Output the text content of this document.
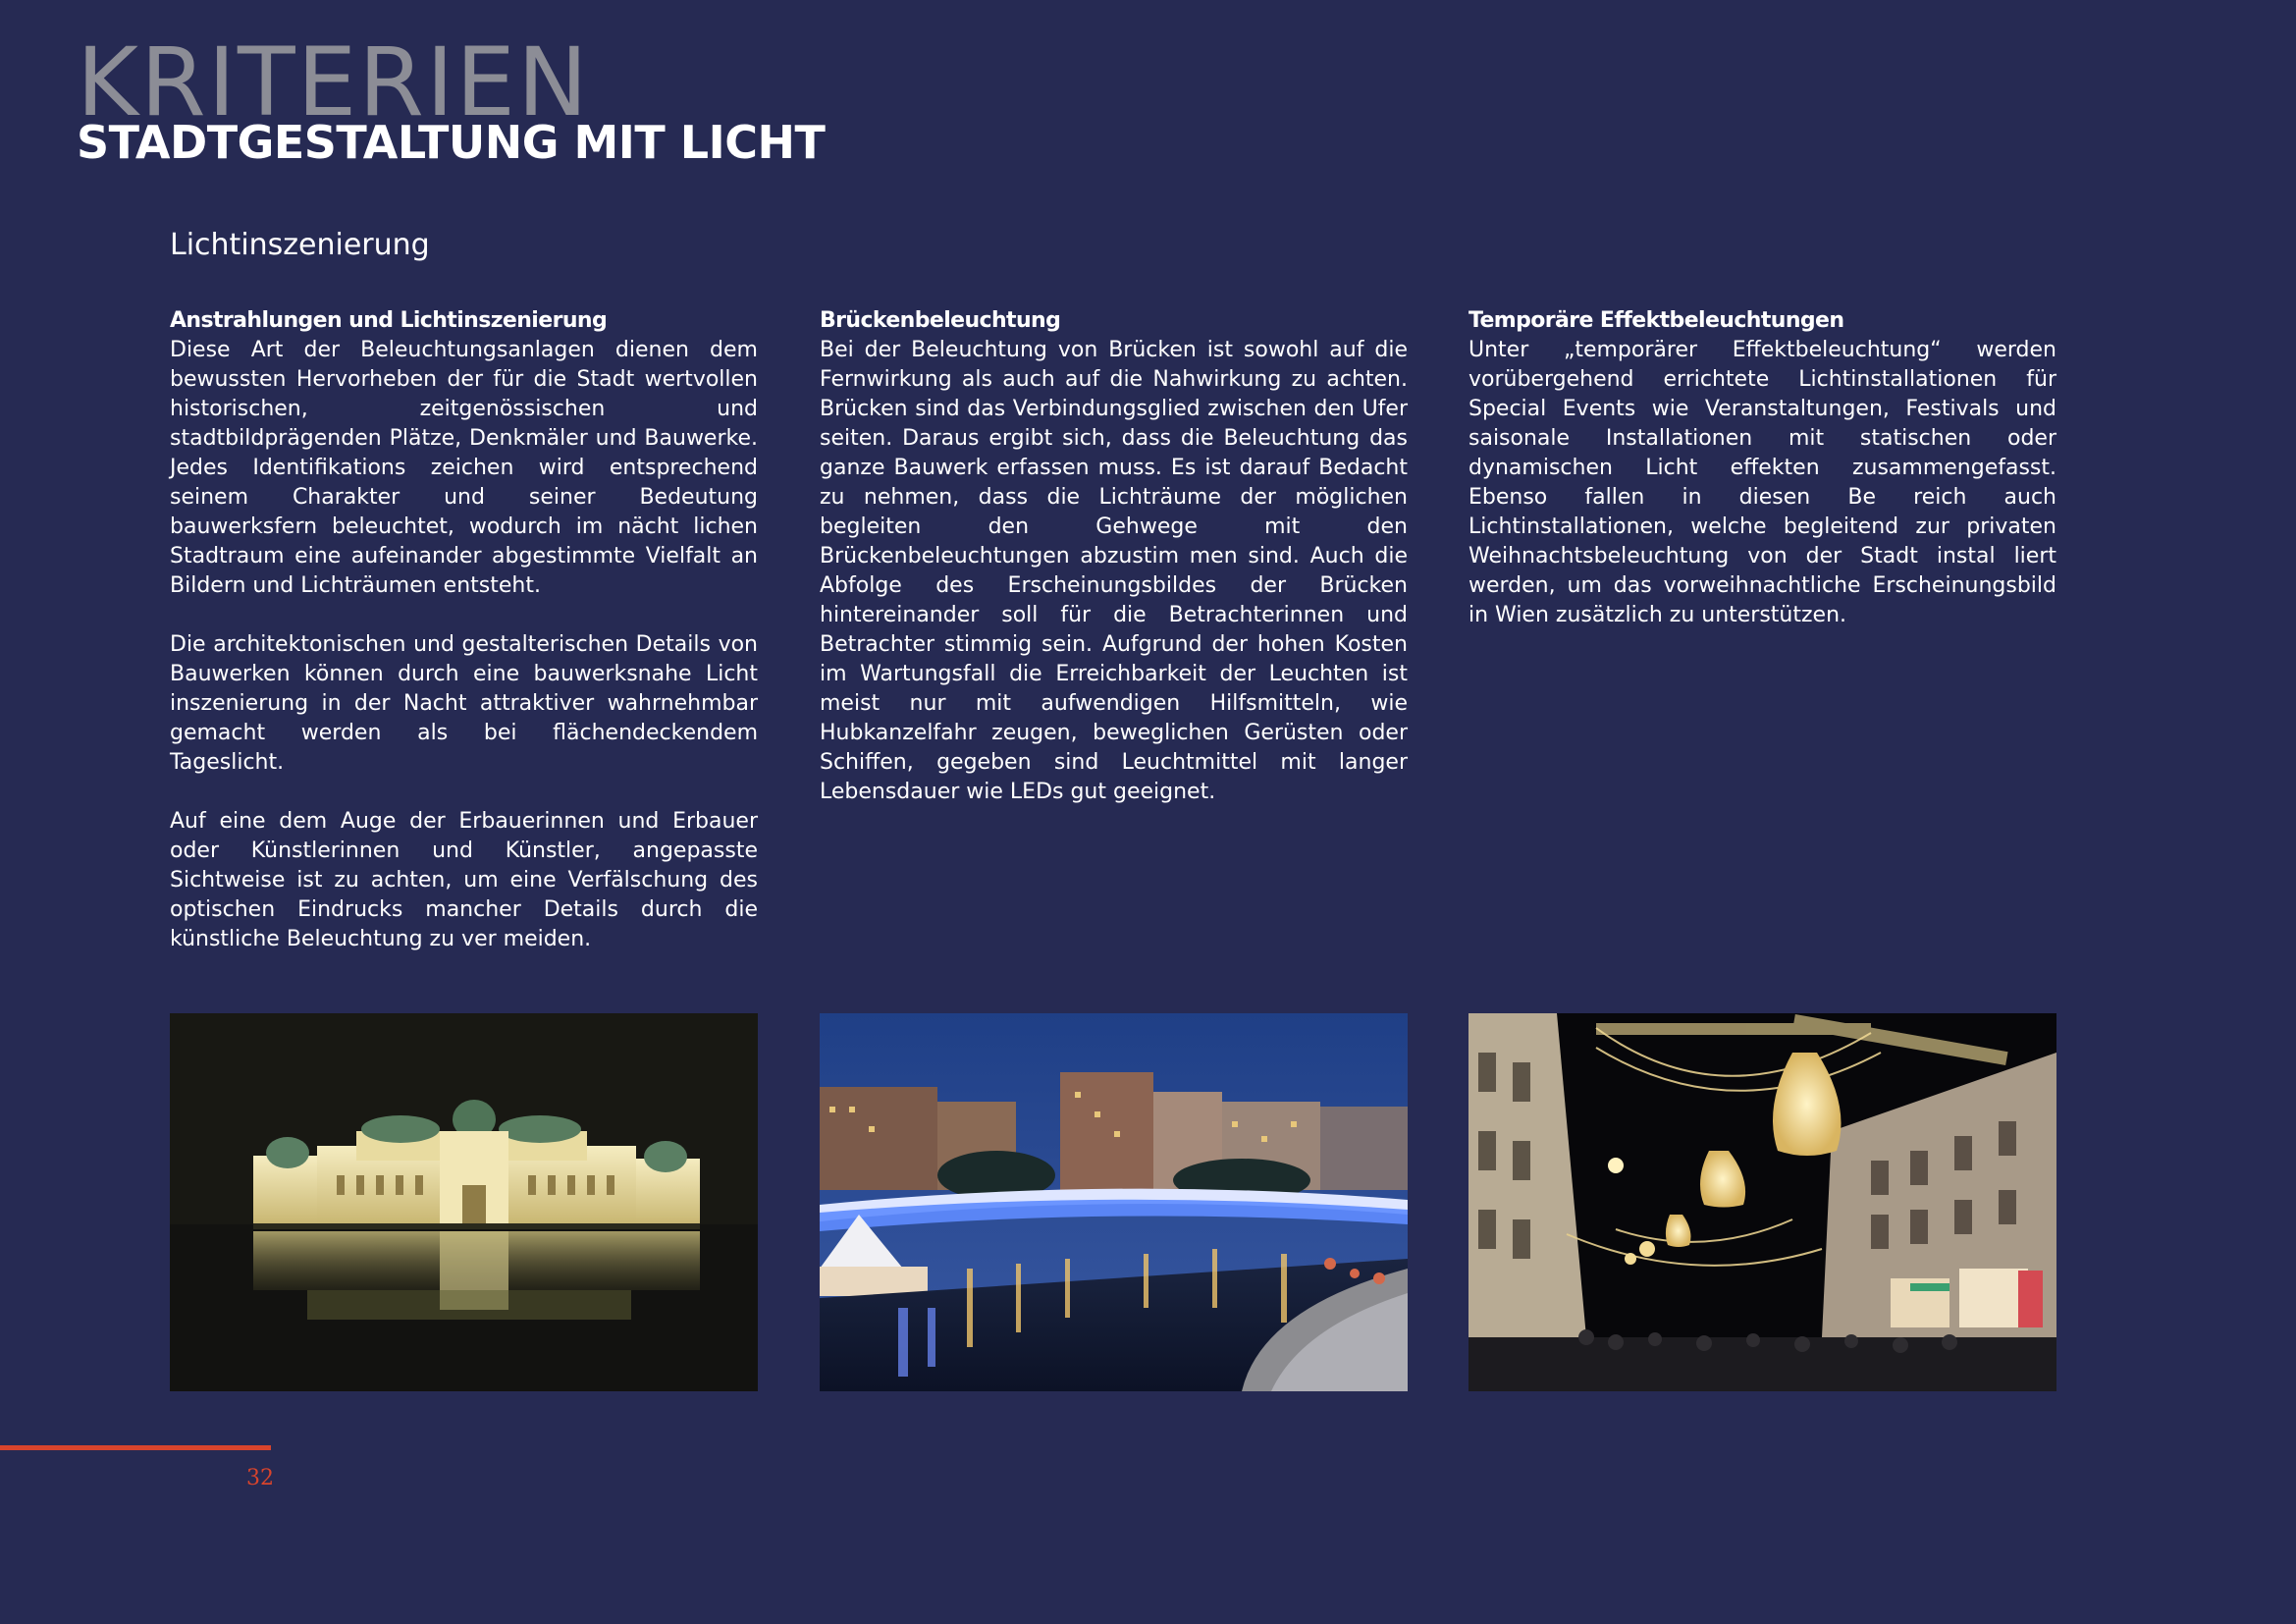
KRITERIEN
STADTGESTALTUNG MIT LICHT
Lichtinszenierung
Anstrahlungen und Lichtinszenierung

Diese Art der Beleuchtungsanlagen dienen dem bewussten Hervorheben der für die Stadt wertvollen historischen, zeitgenössischen und stadtbildprägenden Plätze, Denkmäler und Bauwerke. Jedes Identifikations zeichen wird entsprechend seinem Charakter und seiner Bedeutung bauwerksfern beleuchtet, wodurch im nächt lichen Stadtraum eine aufeinander abgestimmte Vielfalt an Bildern und Lichträumen entsteht.

Die architektonischen und gestalterischen Details von Bauwerken können durch eine bauwerksnahe Licht inszenierung in der Nacht attraktiver wahrnehmbar gemacht werden als bei flächendeckendem Tageslicht.

Auf eine dem Auge der Erbauerinnen und Erbauer oder Künstlerinnen und Künstler, angepasste Sichtweise ist zu achten, um eine Verfälschung des optischen Eindrucks mancher Details durch die künstliche Beleuchtung zu ver meiden.

Brückenbeleuchtung

Bei der Beleuchtung von Brücken ist sowohl auf die Fernwirkung als auch auf die Nahwirkung zu achten. Brücken sind das Verbindungsglied zwischen den Ufer seiten. Daraus ergibt sich, dass die Beleuchtung das ganze Bauwerk erfassen muss. Es ist darauf Bedacht zu nehmen, dass die Lichträume der möglichen begleiten den Gehwege mit den Brückenbeleuchtungen abzustim men sind. Auch die Abfolge des Erscheinungsbildes der Brücken hintereinander soll für die Betrachterinnen und Betrachter stimmig sein. Aufgrund der hohen Kosten im Wartungsfall die Erreichbarkeit der Leuchten ist meist nur mit aufwendigen Hilfsmitteln, wie Hubkanzelfahr zeugen, beweglichen Gerüsten oder Schiffen, gegeben sind Leuchtmittel mit langer Lebensdauer wie LEDs gut geeignet.

Temporäre Effektbeleuchtungen

Unter „temporärer Effektbeleuchtung“ werden vorübergehend errichtete Lichtinstallationen für Special Events wie Veranstaltungen, Festivals und saisonale Installationen mit statischen oder dynamischen Licht effekten zusammengefasst. Ebenso fallen in diesen Be reich auch Lichtinstallationen, welche begleitend zur privaten Weihnachtsbeleuchtung von der Stadt instal liert werden, um das vorweihnachtliche Erscheinungsbild in Wien zusätzlich zu unterstützen.

32
